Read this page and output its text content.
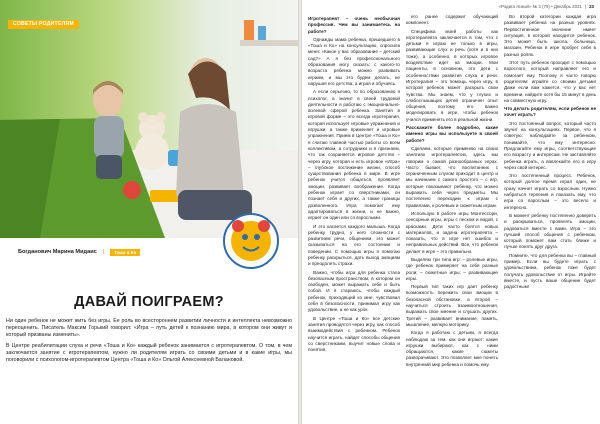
СОВЕТЫ РОДИТЕЛЯМ
Богданович Марина Мидаис |	Тоша & Ко
ДАВАЙ ПОИГРАЕМ?

Ни один ребенок не может жить без игры. Ее роль во всестороннем развитии личности и интеллекта невозможно переоценить. Писатель Максим Горький говорил: «Игра – путь детей к познанию мира, в котором они живут и который призваны изменить».

В Центре реабилитации слуха и речи «Тоша и Ко» каждый ребенок занимается с игротерапевтом. О том, в чем заключается занятие с игротерапевтом, нужно ли родителям играть со своими детьми и в какие игры, мы поговорили с психологом-игротерапевтом Центра «Тоша и Ко» Ольгой Алексеевной Балановой.

«Родига ясный» № 3 (79) • Декабрь 2021 | 23

Игротерапевт – очень необычная профессия. Чем вы занимаетесь на работе?

Однажды мама ребенка, пришедшего в «Тоша и Ко» на консультацию, спросила меня: «Какое у вас образование – детский сад?» А я без профессионального образования могу сказать: с какого-то возраста ребенка можно развивать играми, и мы это будем делать, не нарушая его детства, а играя и обучаясь.

А если серьезно, то по образованию я психолог, а значит в своей трудовой деятельности я работаю с эмоционально-волевой сферой ребенка. Занятия в игровой форме – это всегда игротерапия, которая использует игровые упражнения и игрушки, а также применяет и игровые упражнения. Прием в Центре «Тоша и Ко» я считаю главной частью работы со всем коллективом, а сотрудники и я признаем, что так сохраняется игровое детство – через игру, которая и есть игровое «Игра» – глубокое постижение жизни, способ существования ребенка в мире. В игре ребенок учится общаться, проявляет эмоции, развивает воображение. Когда ребенок играет со сверстниками, он познает себя и других, а также границы дозволенного. Игра помогает ему адаптироваться в жизни, и не важно, играет он один или со взрослыми.

И это касается каждого малыша. Когда ребенку трудно, у него сложности с развитием речи, общением, это может сказываться на его состоянии и поведении. С помощью игры я помогаю ребенку раскрыться, дать выход эмоциям и преодолеть страхи.

Важно, чтобы игра для ребенка стала безопасным пространством, в котором он свободен, может выражать себя и быть собой. И я стараюсь, чтобы каждый ребенок, приходящий ко мне, чувствовал себя в безопасности, принимал игру как удовольствие, а не как урок.

В Центре «Тоша и Ко» все детские занятия проводятся через игру, как способ взаимодействия с ребенком. Ребенок научится играть, найдет способы общения со сверстниками, выучит новые слова и понятия.

его ранее содержит обучающий компонент.

Специфика моей работы как игротерапевта заключается в том, что с детьми я играю не только в игры, развивающие слух и речь (хотя и в них тоже), а особенно, в которых игровое воздействие идет на эмоции. Мои пациенты, в основном, это дети с особенностями развития слуха и речи. Игротерапия – это помощь через игру, в которой ребенок может раскрыть свои чувства. Мы знаем, что у глухих и слабослышащих детей ограничен опыт общения, поэтому его важно моделировать в игре, чтобы ребенок учился применять его в реальной жизни.

Расскажите более подробно, какие именно игры вы используете в своей работе?

Сделаем, которые применяю на своих занятиях игротерапевтом, здесь мы говорим о самой разнообразных играх. Часто бывает, что воспитанник с ограниченным слухом приходит в центр и мы начинаем с самого простого – с игр, которые показывают ребенку, что можно выражать себя через предметы. Мы постепенно переходим к играм с правилами, к ролевым и сюжетным играм.

Использую в работе игры Монтессори, сенсорные игры, игры с песком и водой, с красками. Дети часто боятся новых материалов, и задача игротерапевта – показать, что в игре нет ошибок и неправильных действий. Все, что ребенок делает в игре – это правильно.

Выделяю три типа игр: – ролевые игры, где ребенок примеряет на себя разные роли; – сюжетные игры; – развивающие игры.

Первый тип таких игр дает ребенку возможность пережить свои эмоции в безопасной обстановке, а второй – научиться строить взаимоотношения, выражать свое мнение и слушать других. Третий – развивает внимание, память, мышление, мелкую моторику.

Когда я работаю с детьми, я всегда наблюдаю за тем, как они играют: какие игрушки выбирают, как с ними обращаются, какие сюжеты разворачивают. Это позволяет мне понять внутренний мир ребенка и помочь ему.

Во второй категории каждая игра развивает ребенка на разных уровнях. Первостепенное значение имеет ситуация, в которой находится ребенок. Это может быть школа, больница, магазин. Ребенок в игре пробует себя в разных ролях.

Этот путь ребенок проходит с помощью взрослого, который направляет его и помогает ему. Поэтому я часто говорю родителям: играйте со своими детьми! Даже если вам кажется, что у вас нет времени, найдите хотя бы 15 минут в день на совместную игру.

Что делать родителям, если ребенок не хочет играть?

Это постоянный вопрос, который часто звучит на консультациях. Первое, что я советую: наблюдайте за ребенком, понимайте, что ему интересно. Предлагайте ему игры, соответствующие его возрасту и интересам. Не заставляйте ребенка играть, а вовлекайте его в игру через свой интерес.

Это постепенный процесс. Ребенок, который долгое время играл один, не сразу начнет играть со взрослым. Нужно набраться терпения и показать ему, что игра со взрослым – это весело и интересно.

В момент ребенку постепенно доверять и раскрываться, проявлять эмоции, радоваться вместе с вами. Игра – это лучший способ общения с ребенком, который поможет вам стать ближе и лучше понять друг друга.

Помните, что для ребенка вы – главный пример. Если вы будете играть с удовольствием, ребенок тоже будет получать удовольствие от игры. Играйте вместе, и пусть ваше общение будет радостным!
